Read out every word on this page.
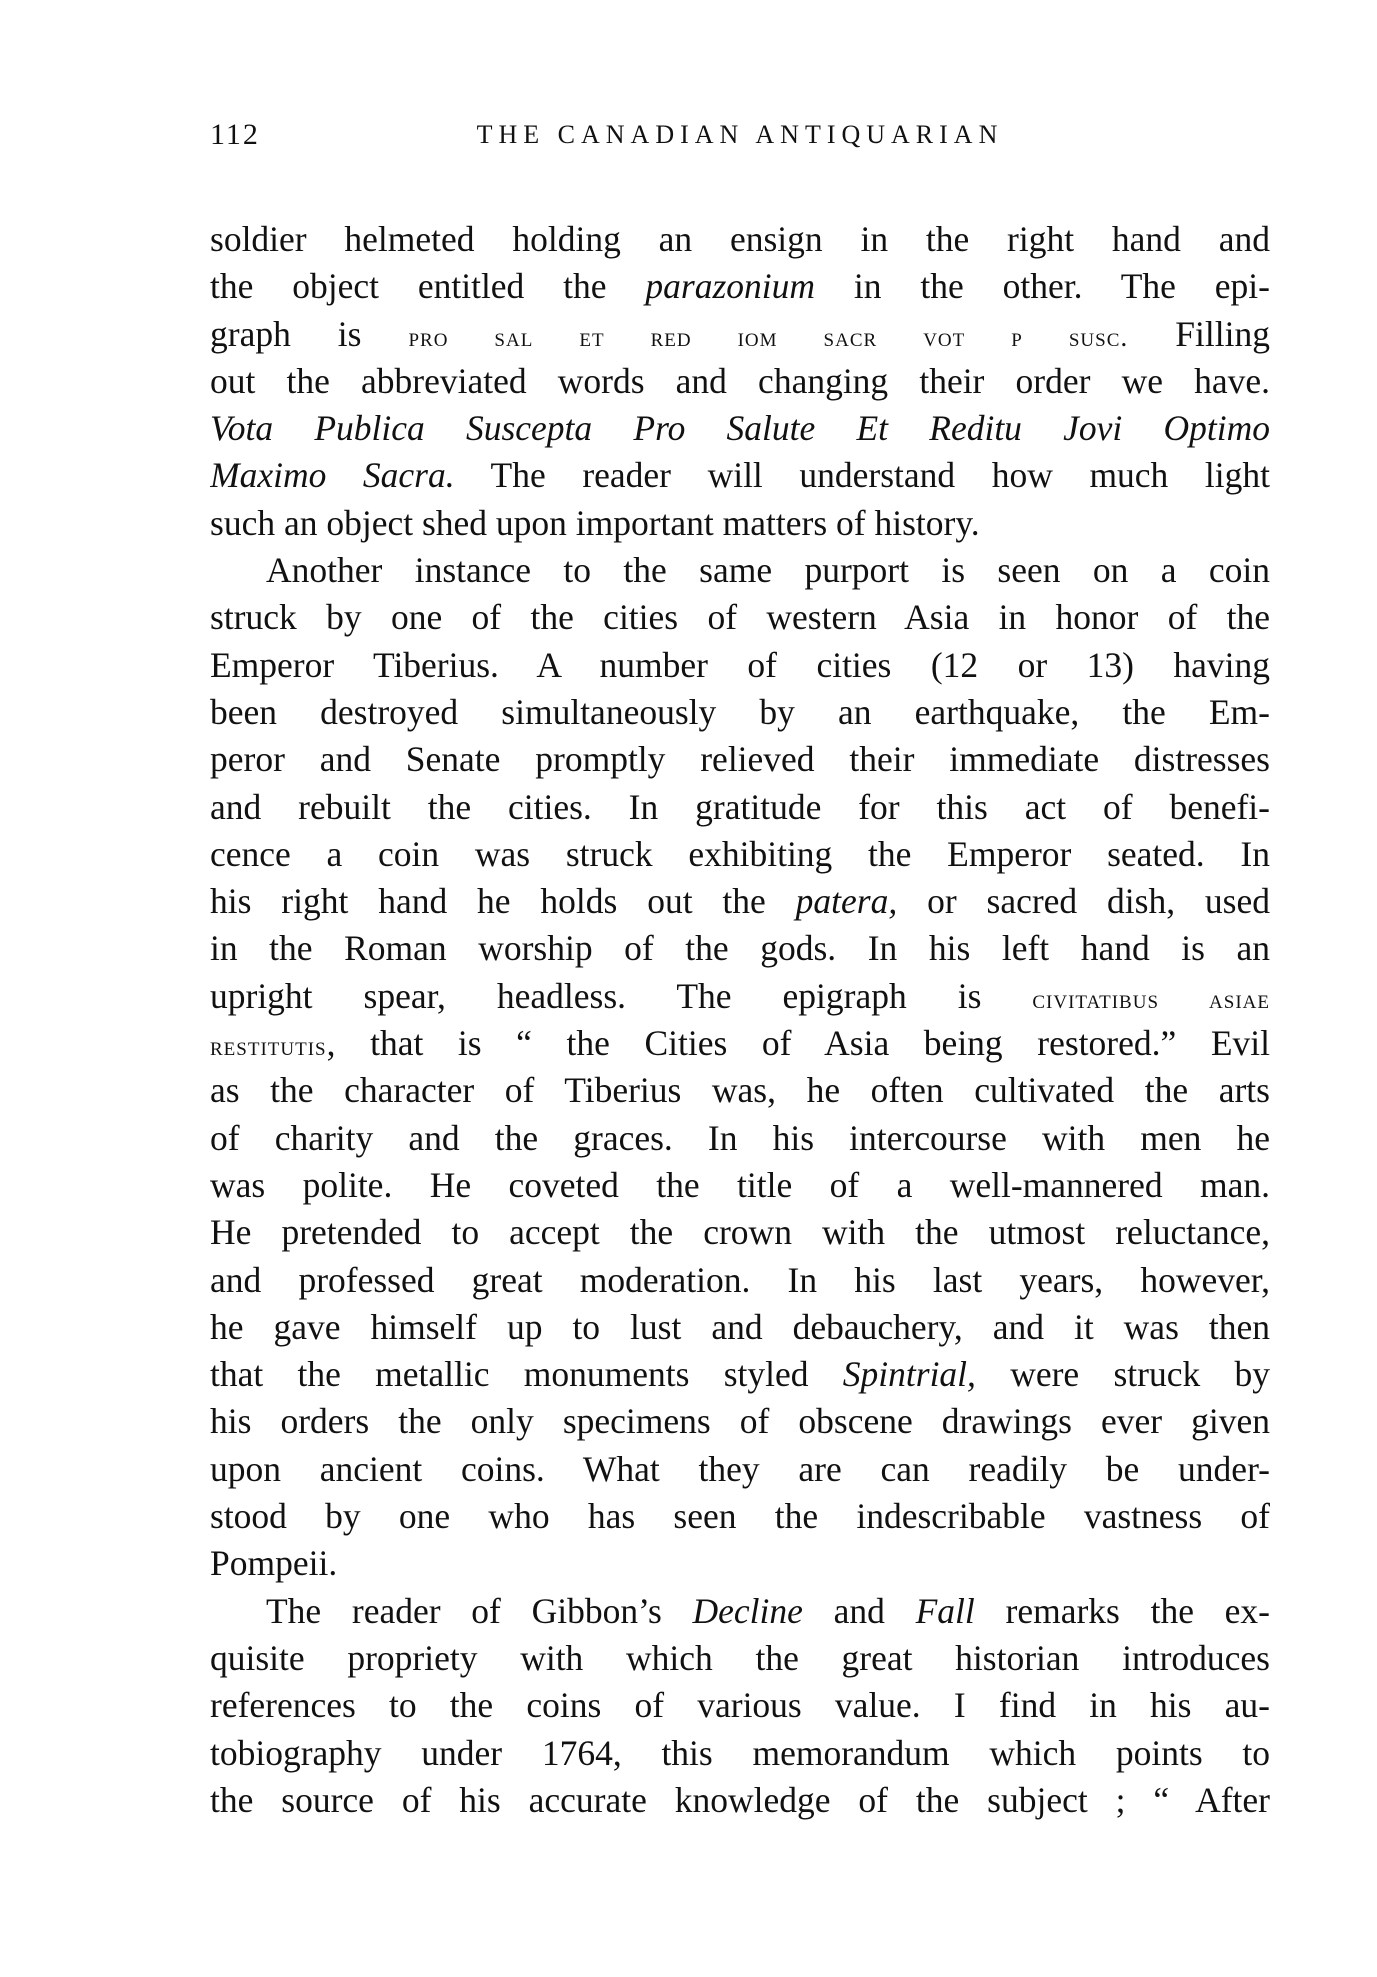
112	THE CANADIAN ANTIQUARIAN
soldier helmeted holding an ensign in the right hand and
the object entitled the parazonium in the other. The epi-
graph is pro sal et red iom sacr vot p susc. Filling
out the abbreviated words and changing their order we have.
Vota Publica Suscepta Pro Salute Et Reditu Jovi Optimo
Maximo Sacra. The reader will understand how much light
such an object shed upon important matters of history.
Another instance to the same purport is seen on a coin
struck by one of the cities of western Asia in honor of the
Emperor Tiberius. A number of cities (12 or 13) having
been destroyed simultaneously by an earthquake, the Em-
peror and Senate promptly relieved their immediate distresses
and rebuilt the cities. In gratitude for this act of benefi-
cence a coin was struck exhibiting the Emperor seated. In
his right hand he holds out the patera, or sacred dish, used
in the Roman worship of the gods. In his left hand is an
upright spear, headless. The epigraph is civitatibus asiae
restitutis, that is “ the Cities of Asia being restored.” Evil
as the character of Tiberius was, he often cultivated the arts
of charity and the graces. In his intercourse with men he
was polite. He coveted the title of a well-mannered man.
He pretended to accept the crown with the utmost reluctance,
and professed great moderation. In his last years, however,
he gave himself up to lust and debauchery, and it was then
that the metallic monuments styled Spintrial, were struck by
his orders the only specimens of obscene drawings ever given
upon ancient coins. What they are can readily be under-
stood by one who has seen the indescribable vastness of
Pompeii.
The reader of Gibbon’s Decline and Fall remarks the ex-
quisite propriety with which the great historian introduces
references to the coins of various value. I find in his au-
tobiography under 1764, this memorandum which points to
the source of his accurate knowledge of the subject ; “ After
